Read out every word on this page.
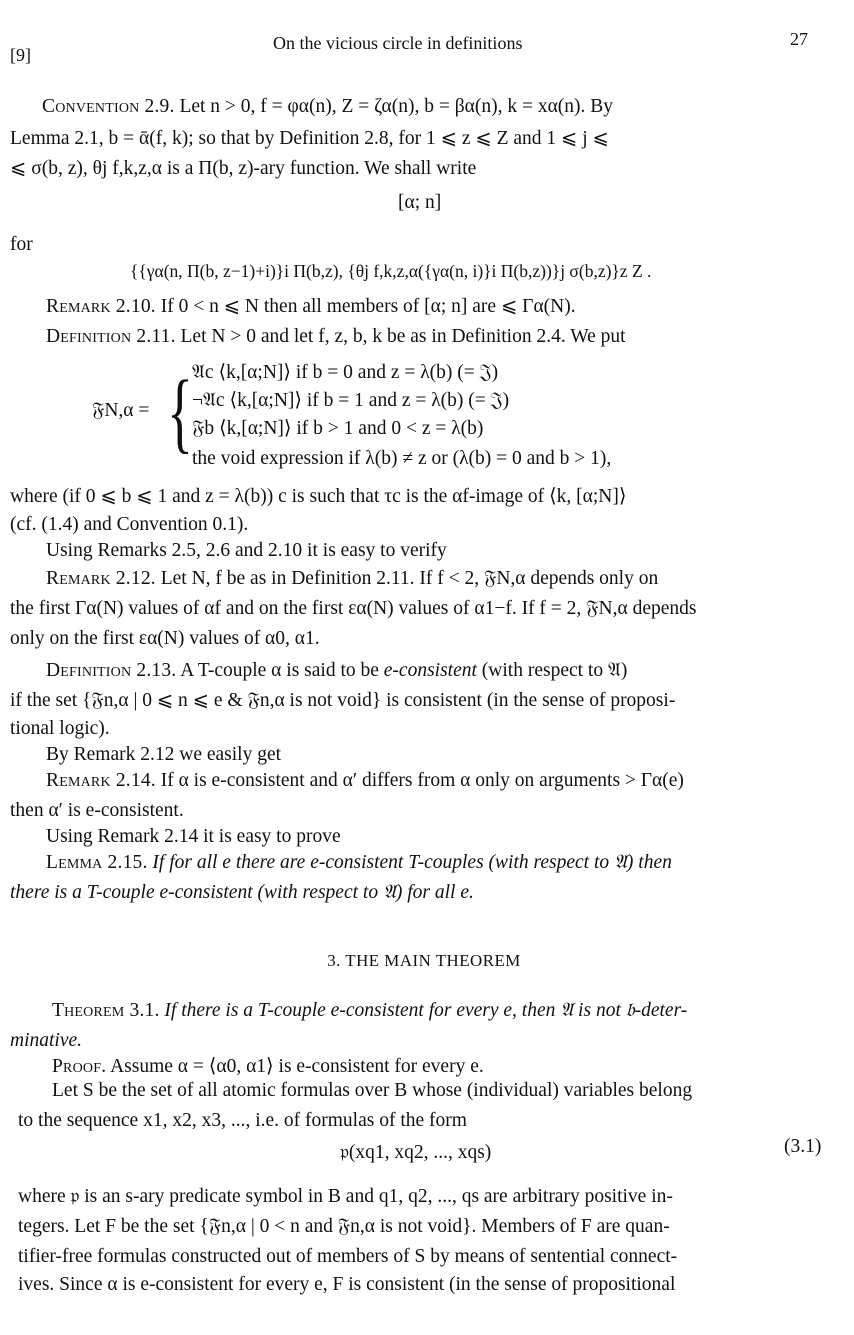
[9]
On the vicious circle in definitions	27
Convention 2.9. Let n > 0, f = φα(n), Z = ζα(n), b = βα(n), k = xα(n). By
Lemma 2.1, b = ᾱ(f, k); so that by Definition 2.8, for 1 ⩽ z ⩽ Z and 1 ⩽ j ⩽
⩽ σ(b, z), θj f,k,z,α is a Π(b, z)-ary function. We shall write
[α; n]
for
{{γα(n, Π(b, z−1)+i)}i Π(b,z), {θj f,k,z,α({γα(n, i)}i Π(b,z))}j σ(b,z)}z Z .
Remark 2.10. If 0 < n ⩽ N then all members of [α; n] are ⩽ Γα(N).
Definition 2.11. Let N > 0 and let f, z, b, k be as in Definition 2.4. We put
𝔉N,α = { 𝔄c ⟨k,[α;N]⟩ if b = 0 and z = λ(b) (= 𝔍)
¬𝔄c ⟨k,[α;N]⟩ if b = 1 and z = λ(b) (= 𝔍)
𝔉b ⟨k,[α;N]⟩ if b > 1 and 0 < z = λ(b)
the void expression if λ(b) ≠ z or (λ(b) = 0 and b > 1),
where (if 0 ⩽ b ⩽ 1 and z = λ(b)) c is such that τc is the αf-image of ⟨k, [α;N]⟩
(cf. (1.4) and Convention 0.1).
Using Remarks 2.5, 2.6 and 2.10 it is easy to verify
Remark 2.12. Let N, f be as in Definition 2.11. If f < 2, 𝔉N,α depends only on
the first Γα(N) values of αf and on the first εα(N) values of α1−f. If f = 2, 𝔉N,α depends
only on the first εα(N) values of α0, α1.
Definition 2.13. A T-couple α is said to be e-consistent (with respect to 𝔄)
if the set {𝔉n,α | 0 ⩽ n ⩽ e & 𝔉n,α is not void} is consistent (in the sense of proposi-
tional logic).
By Remark 2.12 we easily get
Remark 2.14. If α is e-consistent and α′ differs from α only on arguments > Γα(e)
then α′ is e-consistent.
Using Remark 2.14 it is easy to prove
Lemma 2.15. If for all e there are e-consistent T-couples (with respect to 𝔄) then
there is a T-couple e-consistent (with respect to 𝔄) for all e.
3. THE MAIN THEOREM
Theorem 3.1. If there is a T-couple e-consistent for every e, then 𝔄 is not 𝔟-deter-
minative.
Proof. Assume α = ⟨α0, α1⟩ is e-consistent for every e.
Let S be the set of all atomic formulas over B whose (individual) variables belong
to the sequence x1, x2, x3, ..., i.e. of formulas of the form
𝔭(xq1, xq2, ..., xqs)	(3.1)
where 𝔭 is an s-ary predicate symbol in B and q1, q2, ..., qs are arbitrary positive in-
tegers. Let F be the set {𝔉n,α | 0 < n and 𝔉n,α is not void}. Members of F are quan-
tifier-free formulas constructed out of members of S by means of sentential connect-
ives. Since α is e-consistent for every e, F is consistent (in the sense of propositional
